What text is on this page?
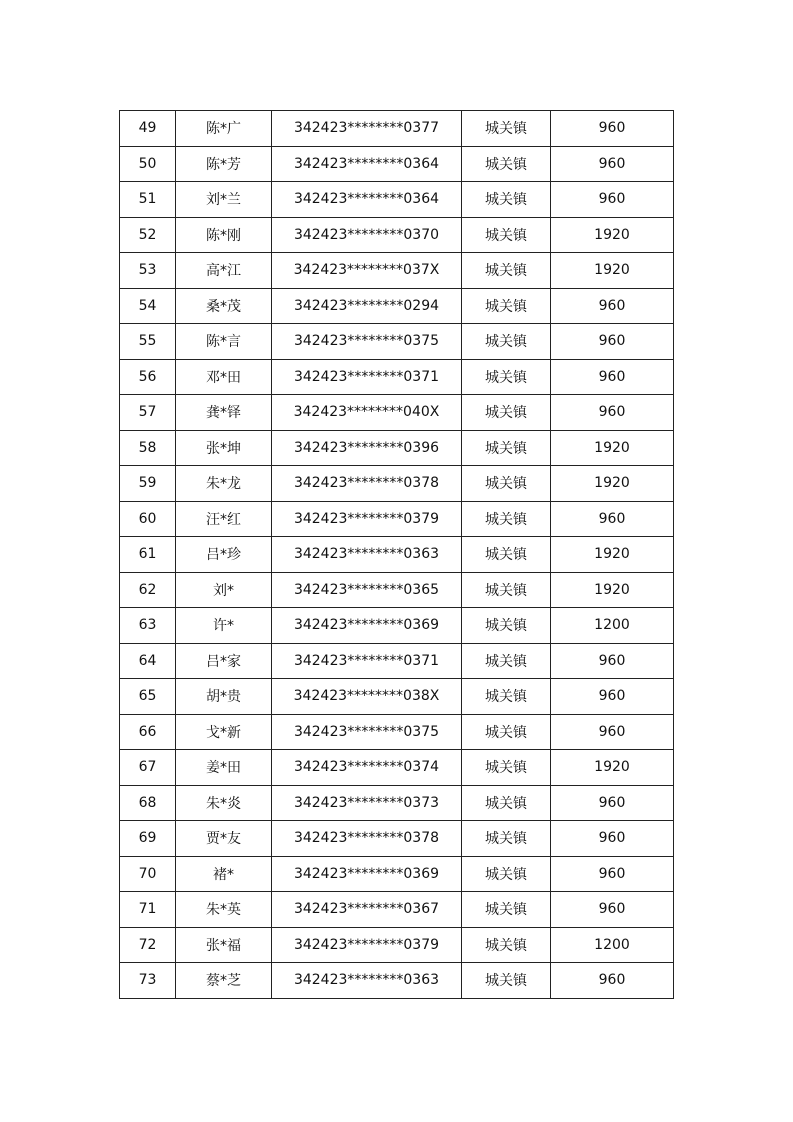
49	陈*广	342423********0377	城关镇	960
50	陈*芳	342423********0364	城关镇	960
51	刘*兰	342423********0364	城关镇	960
52	陈*刚	342423********0370	城关镇	1920
53	高*江	342423********037X	城关镇	1920
54	桑*茂	342423********0294	城关镇	960
55	陈*言	342423********0375	城关镇	960
56	邓*田	342423********0371	城关镇	960
57	龚*铎	342423********040X	城关镇	960
58	张*坤	342423********0396	城关镇	1920
59	朱*龙	342423********0378	城关镇	1920
60	汪*红	342423********0379	城关镇	960
61	吕*珍	342423********0363	城关镇	1920
62	刘*	342423********0365	城关镇	1920
63	许*	342423********0369	城关镇	1200
64	吕*家	342423********0371	城关镇	960
65	胡*贵	342423********038X	城关镇	960
66	戈*新	342423********0375	城关镇	960
67	姜*田	342423********0374	城关镇	1920
68	朱*炎	342423********0373	城关镇	960
69	贾*友	342423********0378	城关镇	960
70	褚*	342423********0369	城关镇	960
71	朱*英	342423********0367	城关镇	960
72	张*福	342423********0379	城关镇	1200
73	蔡*芝	342423********0363	城关镇	960
